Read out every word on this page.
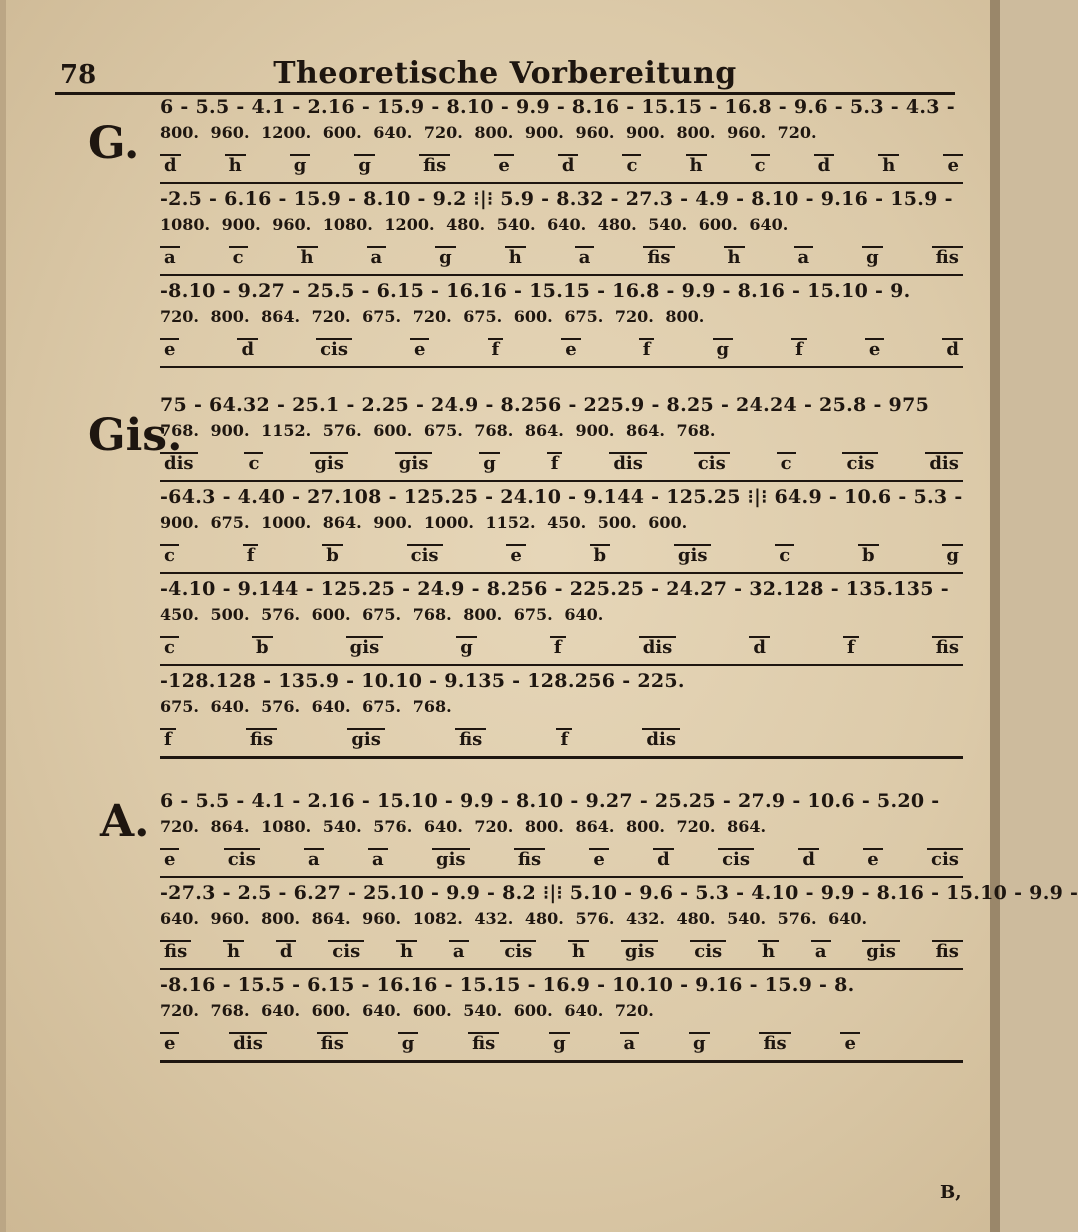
78	Theoretische Vorbereitung
G.
6 - 5.5 - 4.1 - 2.16 - 15.9 - 8.10 - 9.9 - 8.16 - 15.15 - 16.8 - 9.6 - 5.3 - 4.3 -
800. 960. 1200. 600. 640. 720. 800. 900. 960. 900. 800. 960. 720.
d	h	g	g	fis	e	d	c	h	c	d	h	e
-2.5 - 6.16 - 15.9 - 8.10 - 9.2 ⁝|⁝ 5.9 - 8.32 - 27.3 - 4.9 - 8.10 - 9.16 - 15.9 -
1080. 900. 960. 1080. 1200. 480. 540. 640. 480. 540. 600. 640.
a	c	h	a	g	h	a	fis	h	a	g	fis
-8.10 - 9.27 - 25.5 - 6.15 - 16.16 - 15.15 - 16.8 - 9.9 - 8.16 - 15.10 - 9.
720. 800. 864. 720. 675. 720. 675. 600. 675. 720. 800.
e	d	cis	e	f	e	f	g	f	e	d
Gis.
75 - 64.32 - 25.1 - 2.25 - 24.9 - 8.256 - 225.9 - 8.25 - 24.24 - 25.8 - 975
768. 900. 1152. 576. 600. 675. 768. 864. 900. 864. 768.
dis	c	gis	gis	g	f	dis	cis	c	cis	dis
-64.3 - 4.40 - 27.108 - 125.25 - 24.10 - 9.144 - 125.25 ⁝|⁝ 64.9 - 10.6 - 5.3 -
900. 675. 1000. 864. 900. 1000. 1152. 450. 500. 600.
c	f	b	cis	e	b	gis	c	b	g
-4.10 - 9.144 - 125.25 - 24.9 - 8.256 - 225.25 - 24.27 - 32.128 - 135.135 -
450. 500. 576. 600. 675. 768. 800. 675. 640.
c	b	gis	g	f	dis	d	f	fis
-128.128 - 135.9 - 10.10 - 9.135 - 128.256 - 225.
675. 640. 576. 640. 675. 768.
f	fis	gis	fis	f	dis
A. 6 - 5.5 - 4.1 - 2.16 - 15.10 - 9.9 - 8.10 - 9.27 - 25.25 - 27.9 - 10.6 - 5.20 -
720. 864. 1080. 540. 576. 640. 720. 800. 864. 800. 720. 864.
e	cis	a	a	gis	fis	e	d	cis	d	e	cis
-27.3 - 2.5 - 6.27 - 25.10 - 9.9 - 8.2 ⁝|⁝ 5.10 - 9.6 - 5.3 - 4.10 - 9.9 - 8.16 - 15.10 - 9.9 -
640. 960. 800. 864. 960. 1082. 432. 480. 576. 432. 480. 540. 576. 640.
fis h d cis h a cis h gis cis h a gis fis
-8.16 - 15.5 - 6.15 - 16.16 - 15.15 - 16.9 - 10.10 - 9.16 - 15.9 - 8.
720. 768. 640. 600. 640. 600. 540. 600. 640. 720.
e	dis	fis	g	fis	g	a	g	fis	e
B,
